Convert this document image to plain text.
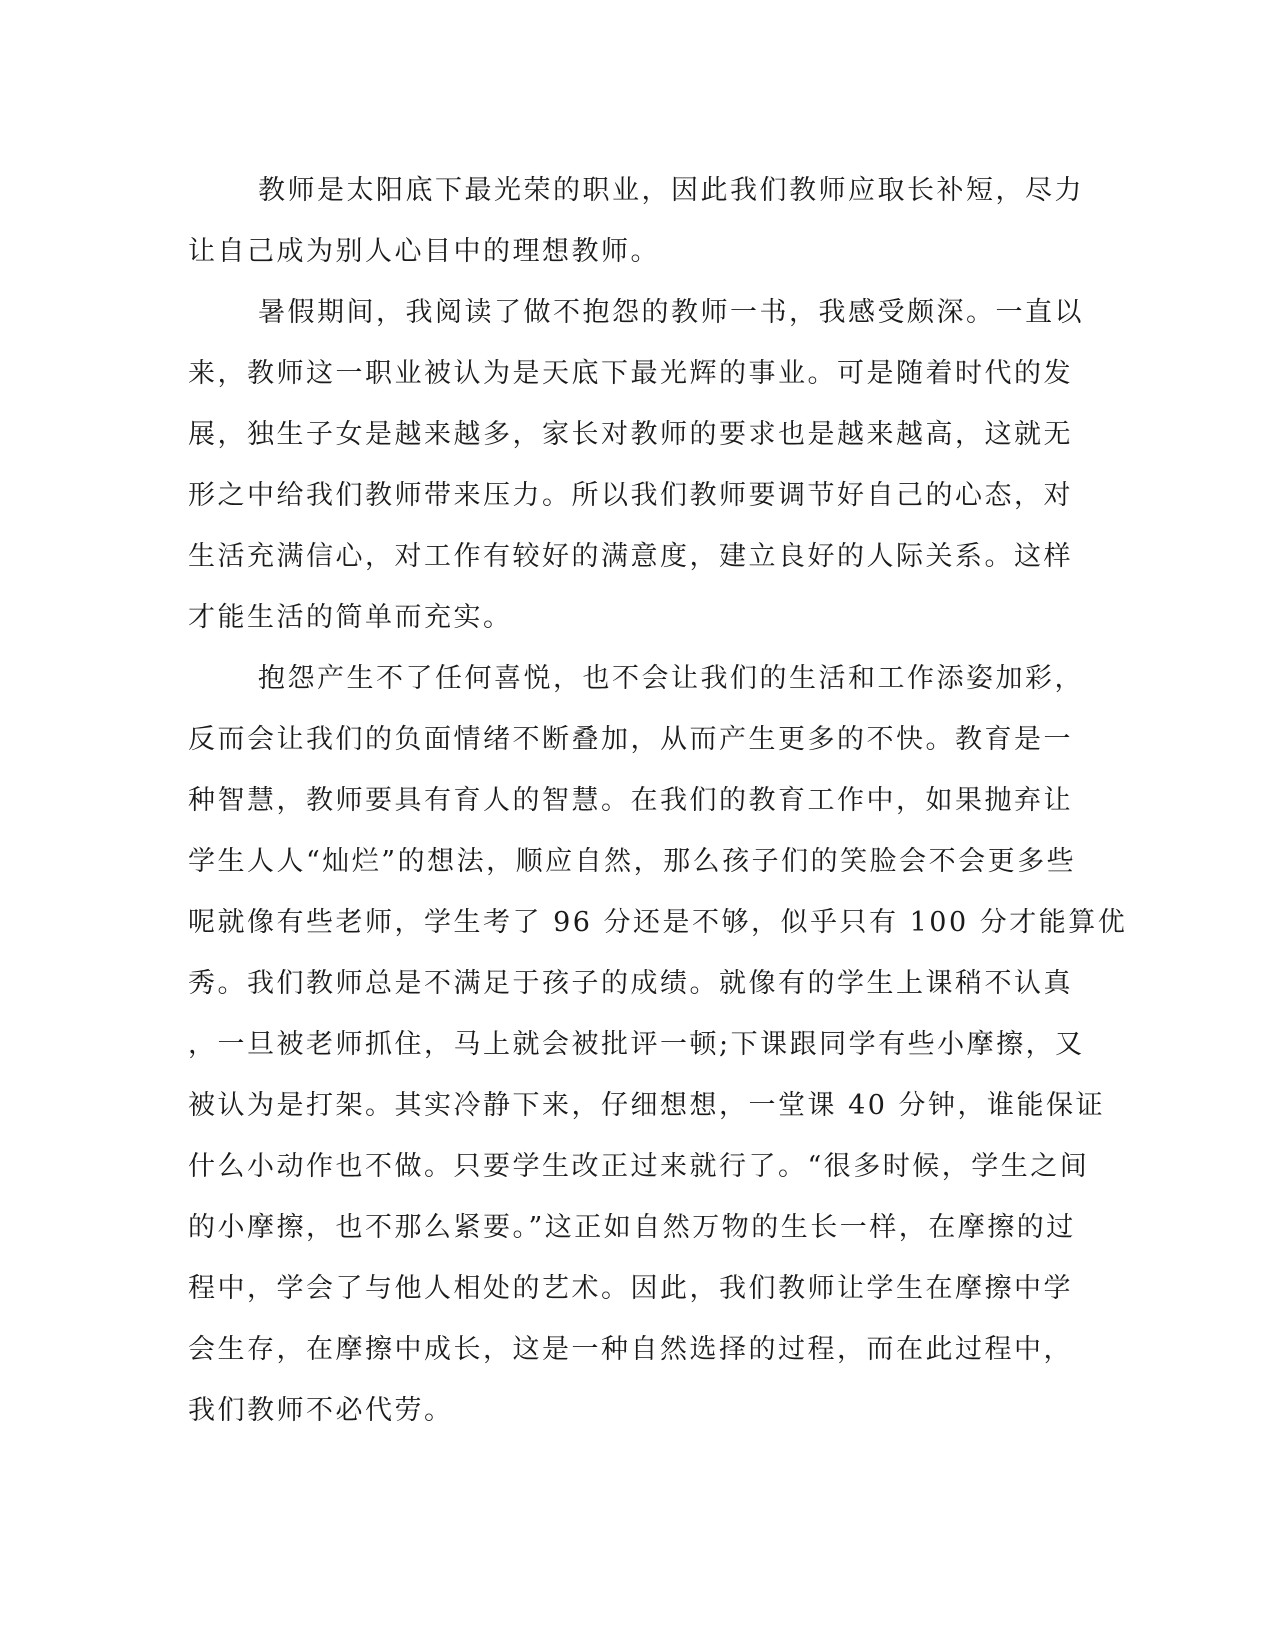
教师是太阳底下最光荣的职业，因此我们教师应取长补短，尽力
让自己成为别人心目中的理想教师。
暑假期间，我阅读了做不抱怨的教师一书，我感受颇深。一直以
来，教师这一职业被认为是天底下最光辉的事业。可是随着时代的发
展，独生子女是越来越多，家长对教师的要求也是越来越高，这就无
形之中给我们教师带来压力。所以我们教师要调节好自己的心态，对
生活充满信心，对工作有较好的满意度，建立良好的人际关系。这样
才能生活的简单而充实。
抱怨产生不了任何喜悦，也不会让我们的生活和工作添姿加彩，
反而会让我们的负面情绪不断叠加，从而产生更多的不快。教育是一
种智慧，教师要具有育人的智慧。在我们的教育工作中，如果抛弃让
学生人人“灿烂”的想法，顺应自然，那么孩子们的笑脸会不会更多些
呢就像有些老师，学生考了 96 分还是不够，似乎只有 100 分才能算优
秀。我们教师总是不满足于孩子的成绩。就像有的学生上课稍不认真
，一旦被老师抓住，马上就会被批评一顿;下课跟同学有些小摩擦，又
被认为是打架。其实冷静下来，仔细想想，一堂课 40 分钟，谁能保证
什么小动作也不做。只要学生改正过来就行了。“很多时候，学生之间
的小摩擦，也不那么紧要。”这正如自然万物的生长一样，在摩擦的过
程中，学会了与他人相处的艺术。因此，我们教师让学生在摩擦中学
会生存，在摩擦中成长，这是一种自然选择的过程，而在此过程中，
我们教师不必代劳。
